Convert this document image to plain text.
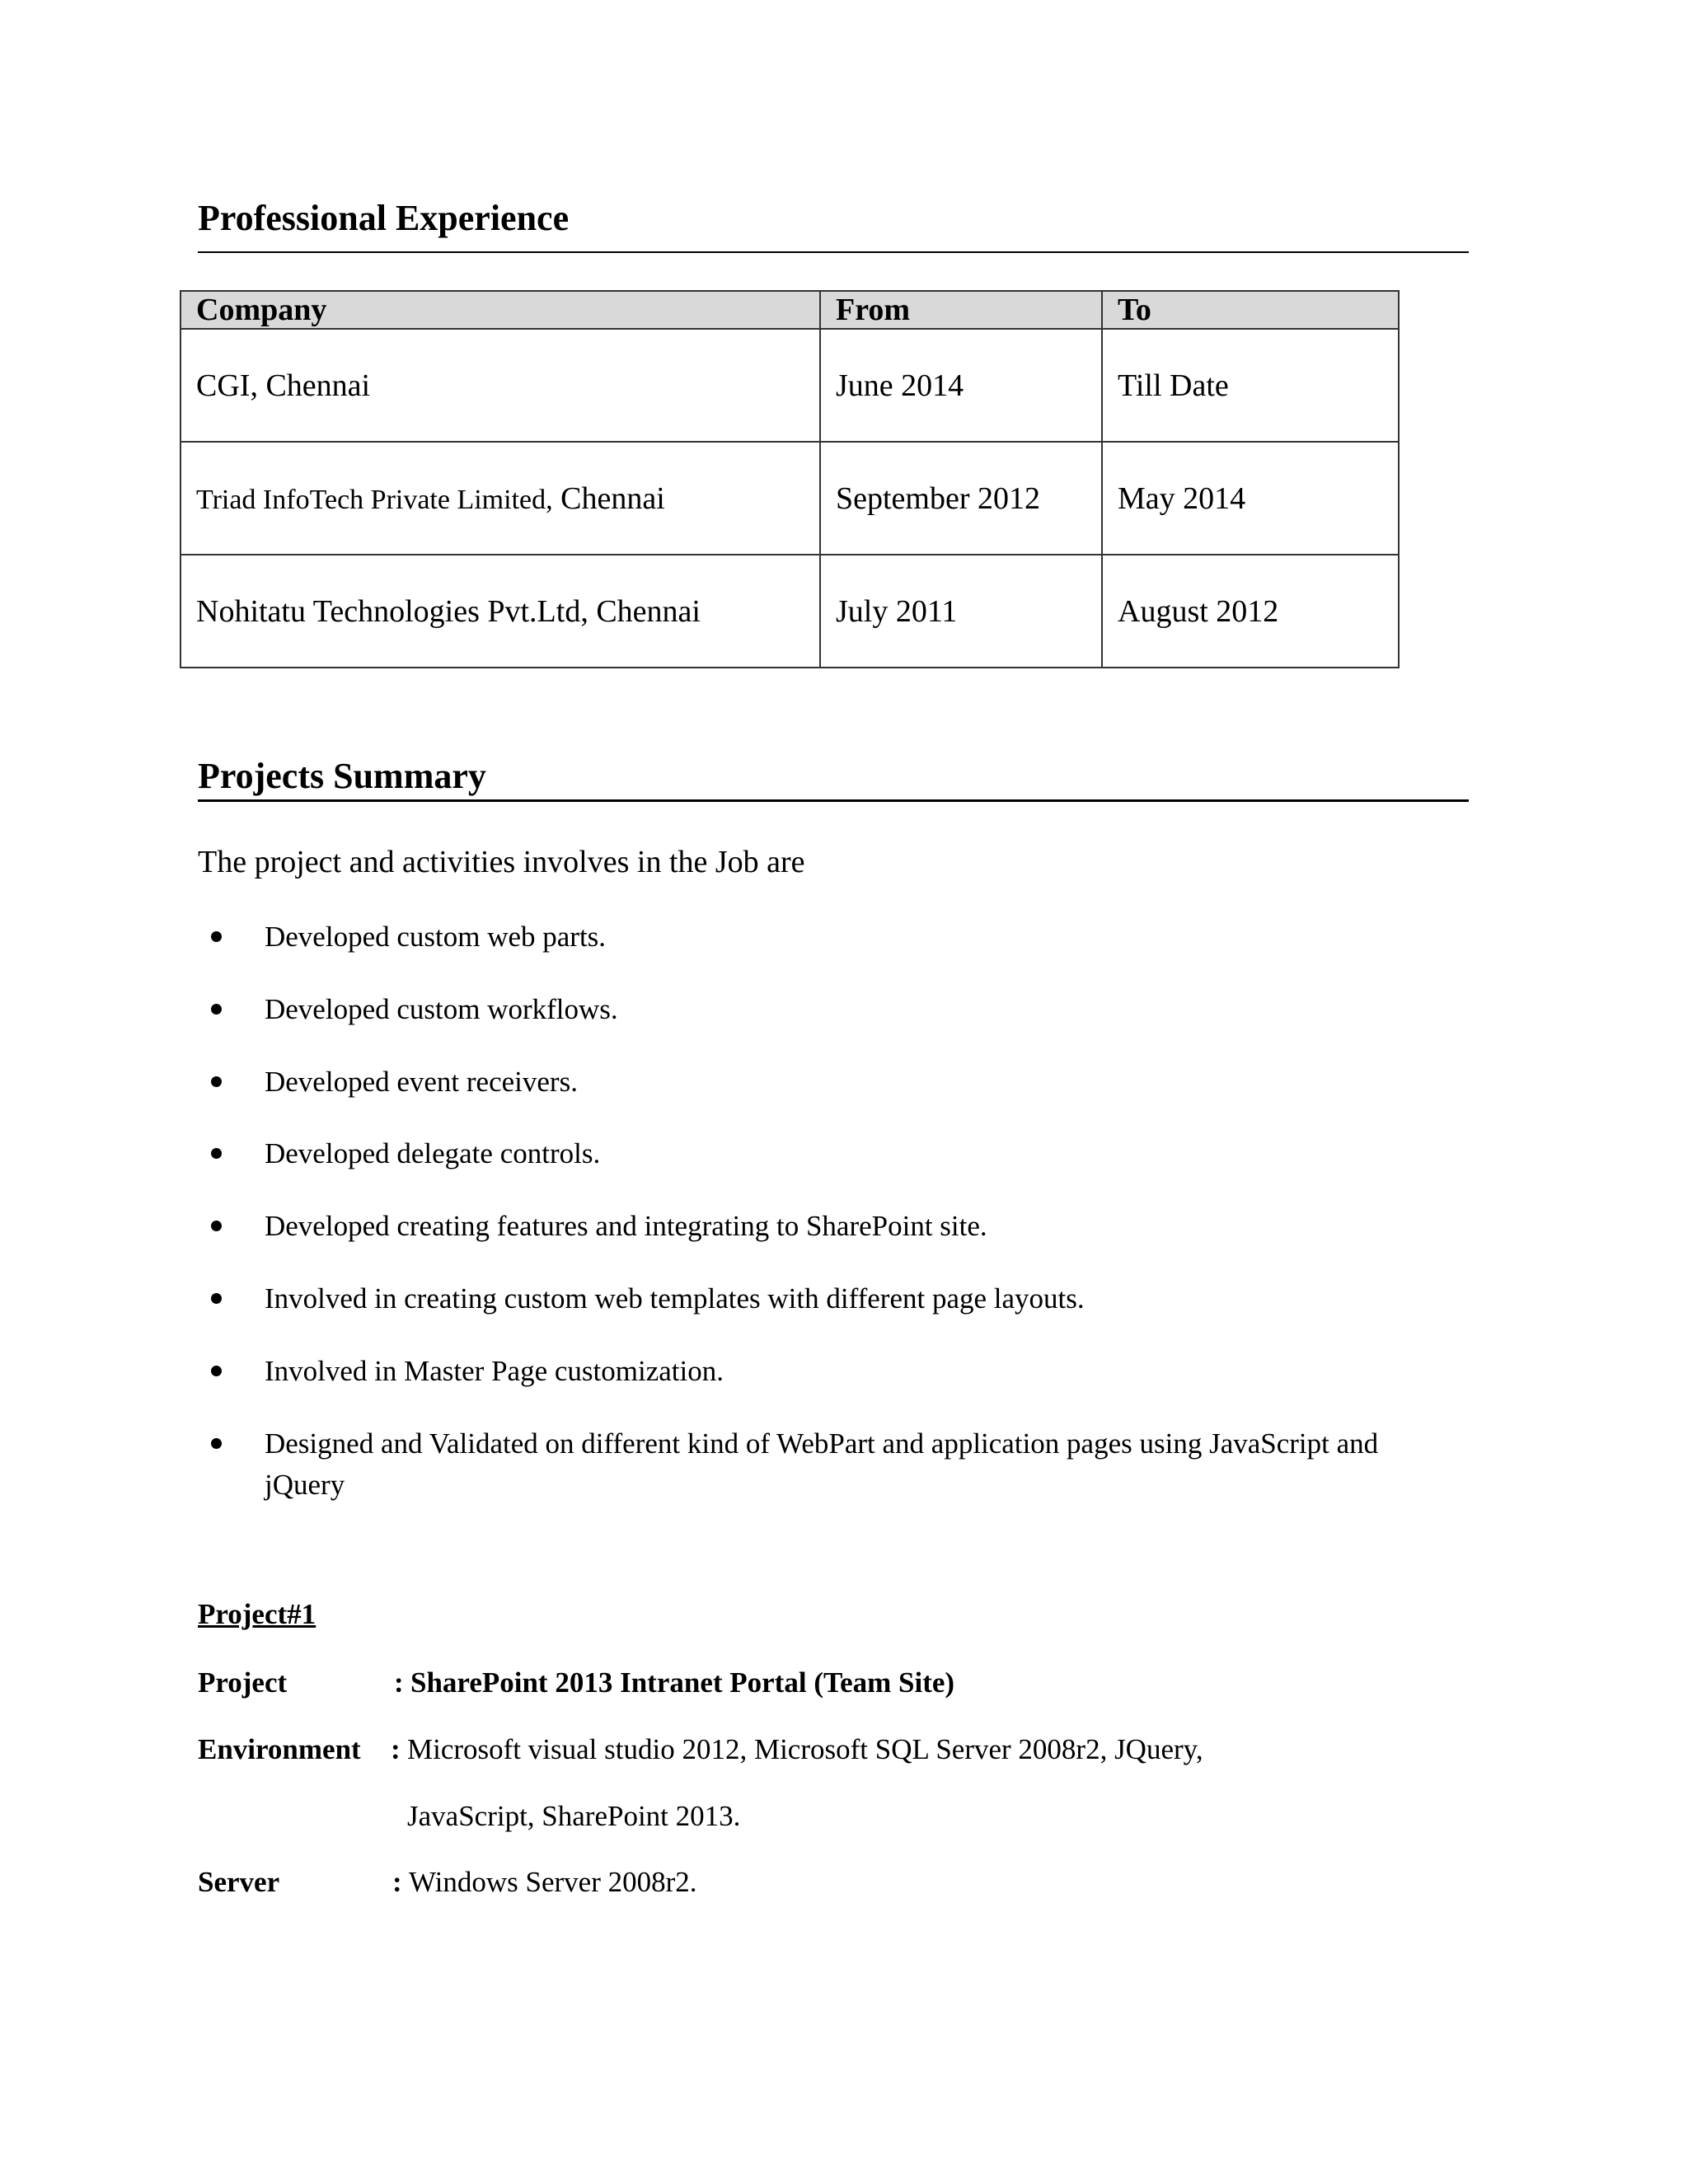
Professional Experience
Company	From	To
CGI, Chennai	June 2014	Till Date
Triad InfoTech Private Limited, Chennai	September 2012	May 2014
Nohitatu Technologies Pvt.Ltd, Chennai	July 2011	August 2012
Projects Summary

The project and activities involves in the Job are

Developed custom web parts.
Developed custom workflows.
Developed event receivers.
Developed delegate controls.
Developed creating features and integrating to SharePoint site.
Involved in creating custom web templates with different page layouts.
Involved in Master Page customization.
Designed and Validated on different kind of WebPart and application pages using JavaScript and jQuery

Project#1

Project	: SharePoint 2013 Intranet Portal (Team Site)
Environment : Microsoft visual studio 2012, Microsoft SQL Server 2008r2, JQuery,
JavaScript, SharePoint 2013.
Server	: Windows Server 2008r2.
